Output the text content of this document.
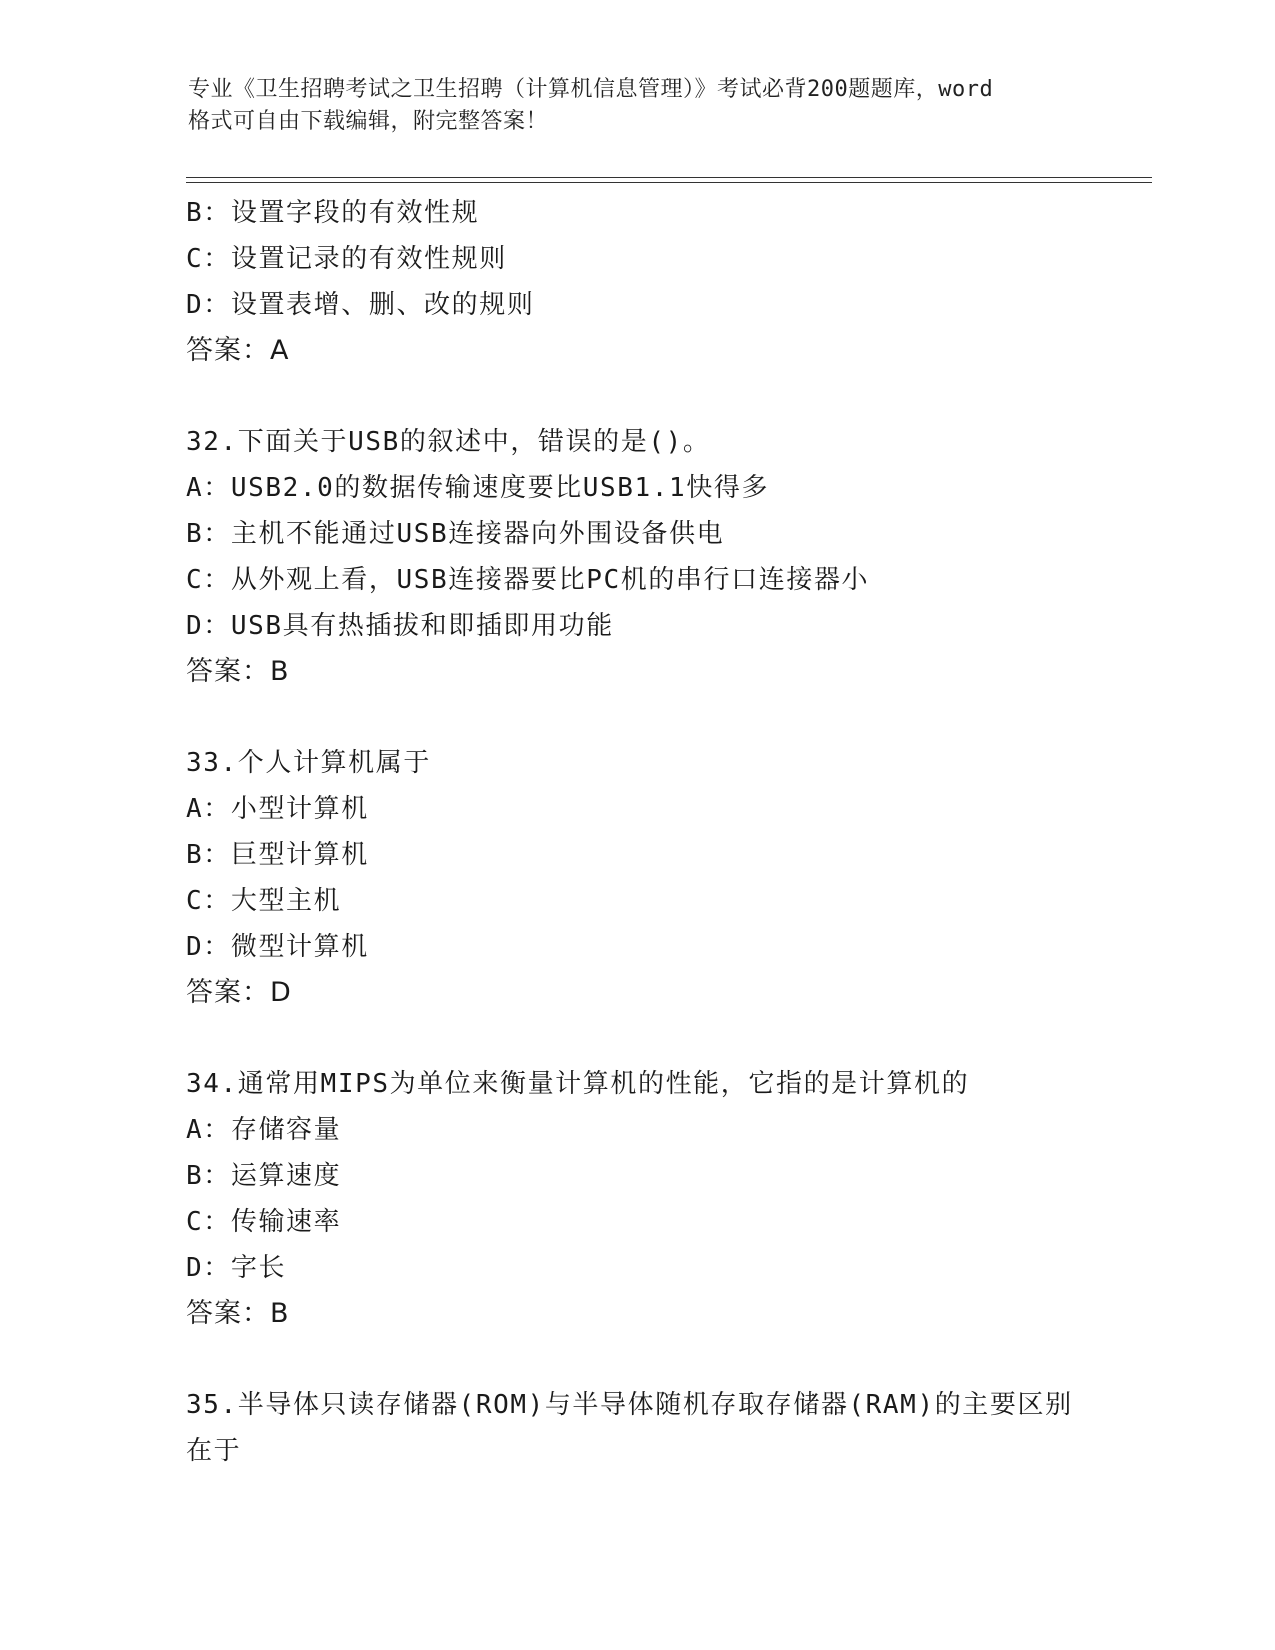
专业《卫生招聘考试之卫生招聘（计算机信息管理）》考试必背200题题库，word
格式可自由下载编辑，附完整答案！
B：设置字段的有效性规
C：设置记录的有效性规则
D：设置表增、删、改的规则
答案：A
32.下面关于USB的叙述中，错误的是()。
A：USB2.0的数据传输速度要比USB1.1快得多
B：主机不能通过USB连接器向外围设备供电
C：从外观上看，USB连接器要比PC机的串行口连接器小
D：USB具有热插拔和即插即用功能
答案：B
33.个人计算机属于
A：小型计算机
B：巨型计算机
C：大型主机
D：微型计算机
答案：D
34.通常用MIPS为单位来衡量计算机的性能，它指的是计算机的
A：存储容量
B：运算速度
C：传输速率
D：字长
答案：B
35.半导体只读存储器(ROM)与半导体随机存取存储器(RAM)的主要区别
在于
